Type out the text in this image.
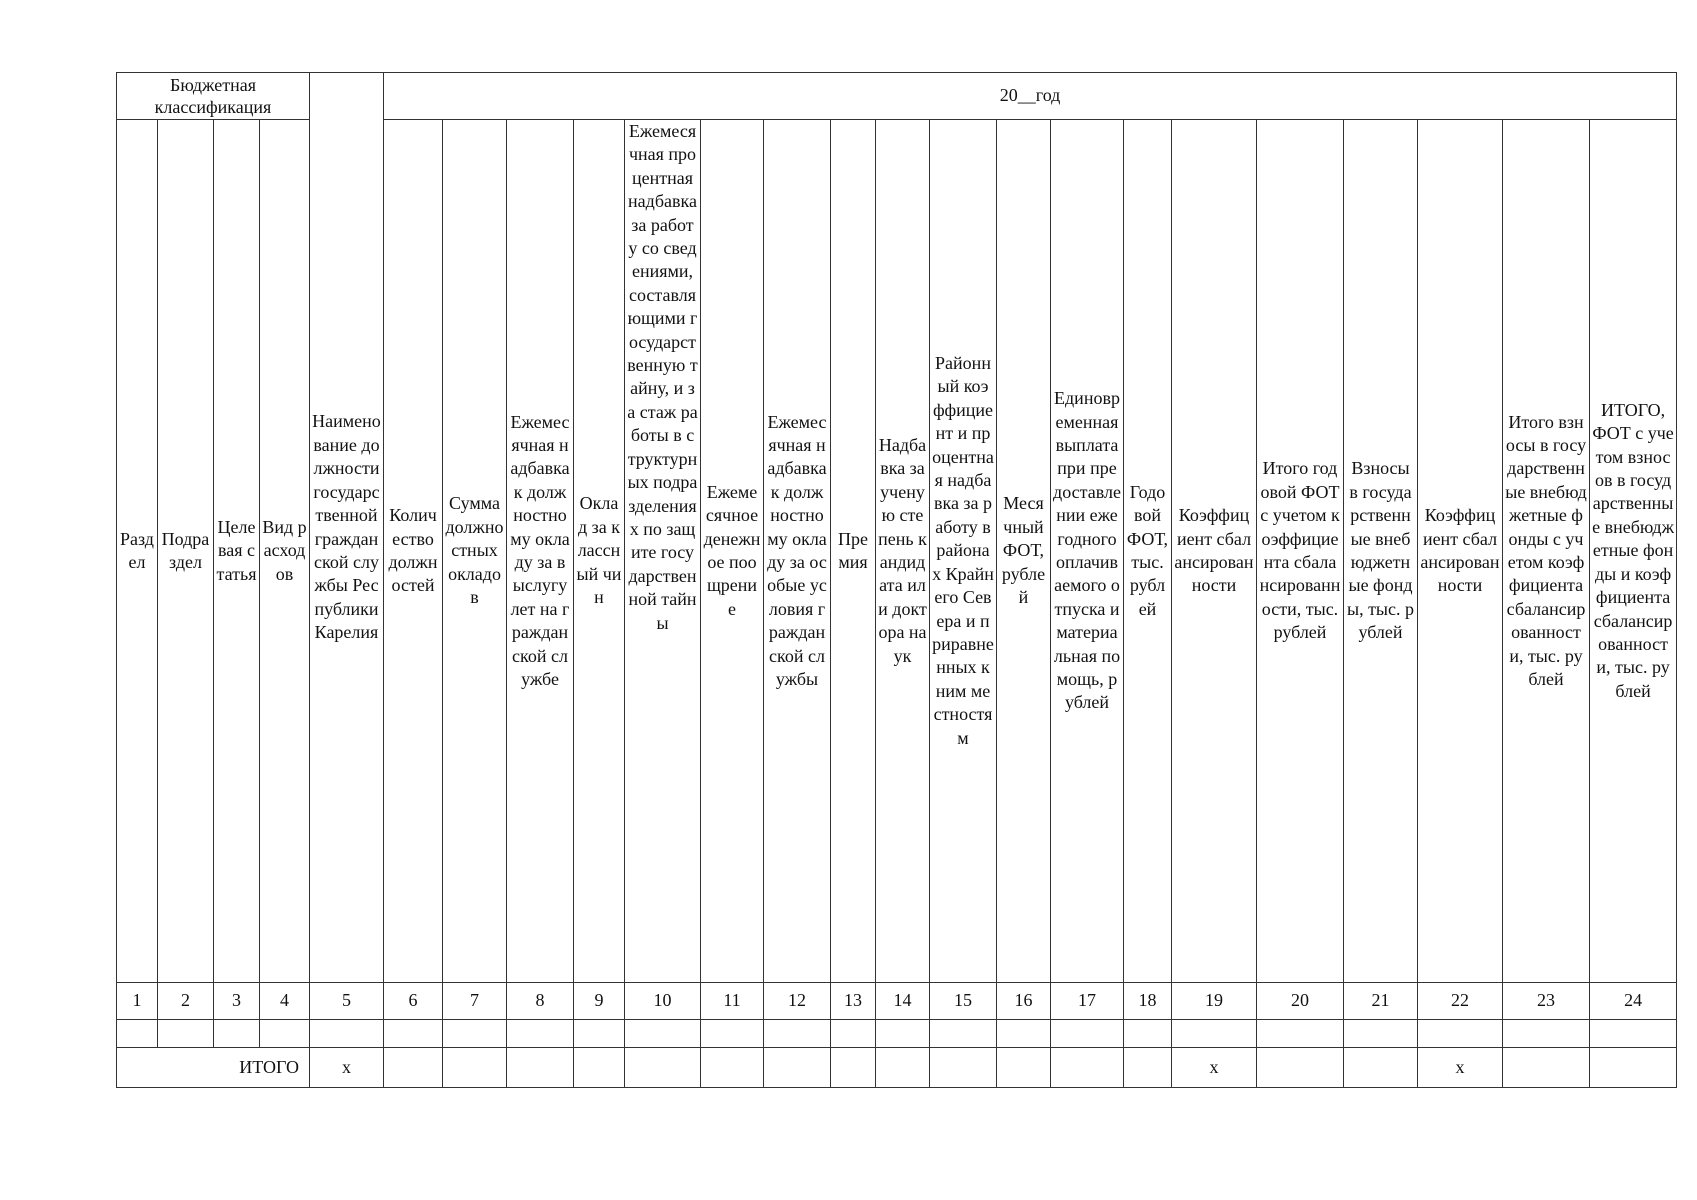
Бюджетная классификация				Наименование должности государственной гражданской службы Республики Карелия	20__год																		
Раздел	Подраздел	Целевая статья	Вид расходов		Количество должностей	Сумма должностных окладов	Ежемесячная надбавка к должностному окладу за выслугу лет на гражданской службе	Оклад за классный чин	Ежемесячная процентная надбавка за работу со сведениями, составляющими государственную тайну, и за стаж работы в структурных подразделениях по защите государственной тайны	Ежемесячное денежное поощрение	Ежемесячная надбавка к должностному окладу за особые условия гражданской службы	Премия	Надбавка за ученую степень кандидата или доктора наук	Районный коэффициент и процентная надбавка за работу в районах Крайнего Севера и приравненных к ним местностям	Месячный ФОТ, рублей	Единовременная выплата при предоставлении ежегодного оплачиваемого отпуска и материальная помощь, рублей	Годовой ФОТ, тыс. рублей	Коэффициент сбалансированности	Итого годовой ФОТ с учетом коэффициента сбалансированности, тыс. рублей	Взносы в государственные внебюджетные фонды, тыс. рублей	Коэффициент сбалансированности	Итого взносы в государственные внебюджетные фонды с учетом коэффициента сбалансированности, тыс. рублей	ИТОГО, ФОТ с учетом взносов в государственные внебюджетные фонды и коэффициента сбалансированности, тыс. рублей
1	2	3	4	5	6	7	8	9	10	11	12	13	14	15	16	17	18	19	20	21	22	23	24

ИТОГО				х														х			х		
